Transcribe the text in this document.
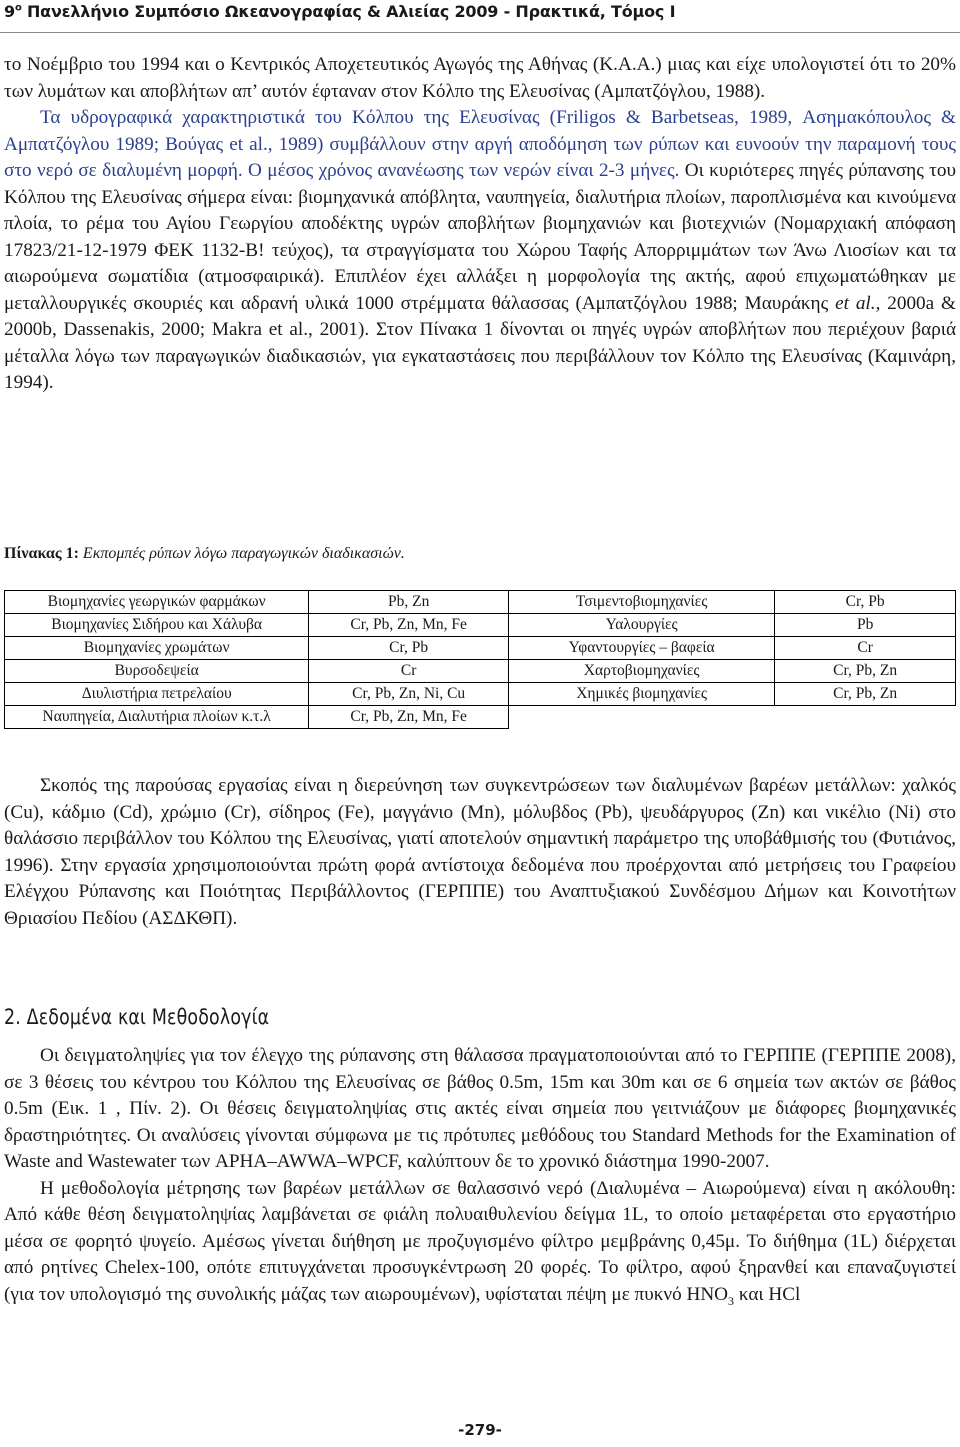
$9^o$ Πανελλήνιο Συμπόσιο Ωκεανογραφίας & Αλιείας 2009 - Πρακτικά, Τόμος Ι

το Νοέμβριο του 1994 και ο Κεντρικός Αποχετευτικός Αγωγός της Αθήνας (Κ.Α.Α.) μιας και είχε υπολογιστεί ότι το 20% των λυμάτων και αποβλήτων απ’ αυτόν έφταναν στον Κόλπο της Ελευσίνας (Αμπατζόγλου, 1988).

Τα υδρογραφικά χαρακτηριστικά του Κόλπου της Ελευσίνας (Friligos & Barbetseas, 1989, Ασημακόπουλος & Αμπατζόγλου 1989; Βούγας et al., 1989) συμβάλλουν στην αργή αποδόμηση των ρύπων και ευνοούν την παραμονή τους στο νερό σε διαλυμένη μορφή. Ο μέσος χρόνος ανανέωσης των νερών είναι 2-3 μήνες. Οι κυριότερες πηγές ρύπανσης του Κόλπου της Ελευσίνας σήμερα είναι: βιομηχανικά απόβλητα, ναυπηγεία, διαλυτήρια πλοίων, παροπλισμένα και κινούμενα πλοία, το ρέμα του Αγίου Γεωργίου αποδέκτης υγρών αποβλήτων βιομηχανιών και βιοτεχνιών (Νομαρχιακή απόφαση 17823/21-12-1979 ΦΕΚ 1132-Β! τεύχος), τα στραγγίσματα του Χώρου Ταφής Απορριμμάτων των Άνω Λιοσίων και τα αιωρούμενα σωματίδια (ατμοσφαιρικά). Επιπλέον έχει αλλάξει η μορφολογία της ακτής, αφού επιχωματώθηκαν με μεταλλουργικές σκουριές και αδρανή υλικά 1000 στρέμματα θάλασσας (Αμπατζόγλου 1988; Μαυράκης et al., 2000a & 2000b, Dassenakis, 2000; Makra et al., 2001). Στον Πίνακα 1 δίνονται οι πηγές υγρών αποβλήτων που περιέχουν βαριά μέταλλα λόγω των παραγωγικών διαδικασιών, για εγκαταστάσεις που περιβάλλουν τον Κόλπο της Ελευσίνας (Καμινάρη, 1994).

Πίνακας 1: Εκπομπές ρύπων λόγω παραγωγικών διαδικασιών.
Βιομηχανίες γεωργικών φαρμάκων	Pb, Zn	Τσιμεντοβιομηχανίες	Cr, Pb
Βιομηχανίες Σιδήρου και Χάλυβα	Cr, Pb, Zn, Mn, Fe	Υαλουργίες	Pb
Βιομηχανίες χρωμάτων	Cr, Pb	Υφαντουργίες – βαφεία	Cr
Βυρσοδεψεία	Cr	Χαρτοβιομηχανίες	Cr, Pb, Zn
Διυλιστήρια πετρελαίου	Cr, Pb, Zn, Ni, Cu	Χημικές βιομηχανίες	Cr, Pb, Zn
Ναυπηγεία, Διαλυτήρια πλοίων κ.τ.λ	Cr, Pb, Zn, Mn, Fe		

Σκοπός της παρούσας εργασίας είναι η διερεύνηση των συγκεντρώσεων των διαλυμένων βαρέων μετάλλων: χαλκός (Cu), κάδμιο (Cd), χρώμιο (Cr), σίδηρος (Fe), μαγγάνιο (Mn), μόλυβδος (Pb), ψευδάργυρος (Zn) και νικέλιο (Ni) στο θαλάσσιο περιβάλλον του Κόλπου της Ελευσίνας, γιατί αποτελούν σημαντική παράμετρο της υποβάθμισής του (Φυτιάνος, 1996). Στην εργασία χρησιμοποιούνται πρώτη φορά αντίστοιχα δεδομένα που προέρχονται από μετρήσεις του Γραφείου Ελέγχου Ρύπανσης και Ποιότητας Περιβάλλοντος (ΓΕΡΠΠΕ) του Αναπτυξιακού Συνδέσμου Δήμων και Κοινοτήτων Θριασίου Πεδίου (ΑΣΔΚΘΠ).

2. Δεδομένα και Μεθοδολογία

Οι δειγματοληψίες για τον έλεγχο της ρύπανσης στη θάλασσα πραγματοποιούνται από το ΓΕΡΠΠΕ (ΓΕΡΠΠΕ 2008), σε 3 θέσεις του κέντρου του Κόλπου της Ελευσίνας σε βάθος 0.5m, 15m και 30m και σε 6 σημεία των ακτών σε βάθος 0.5m (Εικ. 1 , Πίν. 2). Οι θέσεις δειγματοληψίας στις ακτές είναι σημεία που γειτνιάζουν με διάφορες βιομηχανικές δραστηριότητες. Οι αναλύσεις γίνονται σύμφωνα με τις πρότυπες μεθόδους του Standard Methods for the Examination of Waste and Wastewater των APHA–AWWA–WPCF, καλύπτουν δε το χρονικό διάστημα 1990-2007.

Η μεθοδολογία μέτρησης των βαρέων μετάλλων σε θαλασσινό νερό (Διαλυμένα – Αιωρούμενα) είναι η ακόλουθη: Από κάθε θέση δειγματοληψίας λαμβάνεται σε φιάλη πολυαιθυλενίου δείγμα 1L, το οποίο μεταφέρεται στο εργαστήριο μέσα σε φορητό ψυγείο. Αμέσως γίνεται διήθηση με προζυγισμένο φίλτρο μεμβράνης 0,45μ. Το διήθημα (1L) διέρχεται από ρητίνες Chelex-100, οπότε επιτυγχάνεται προσυγκέντρωση 20 φορές. Το φίλτρο, αφού ξηρανθεί και επαναζυγιστεί (για τον υπολογισμό της συνολικής μάζας των αιωρουμένων), υφίσταται πέψη με πυκνό $HNO_3$ και HCl

-279-
